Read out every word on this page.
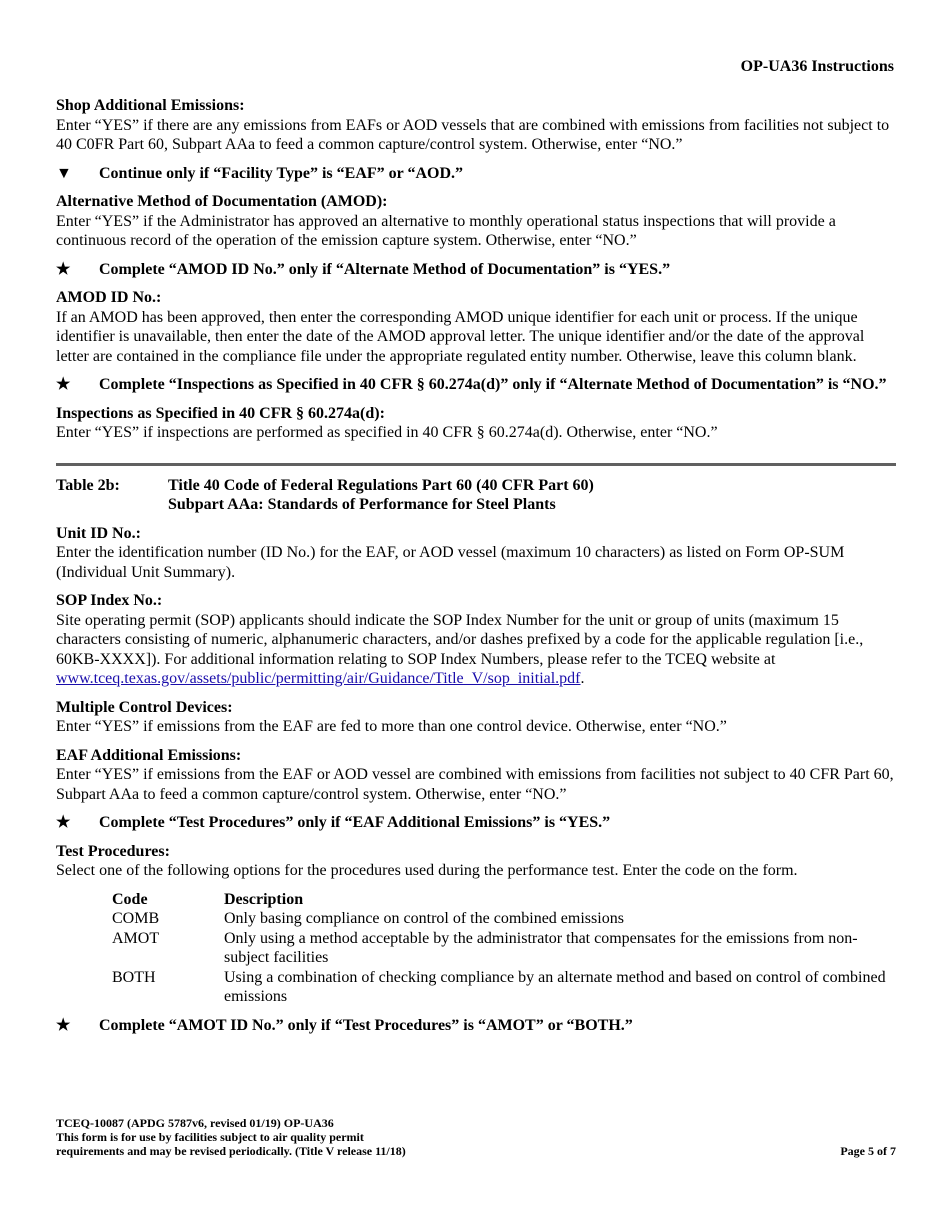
OP-UA36 Instructions
Shop Additional Emissions:
Enter “YES” if there are any emissions from EAFs or AOD vessels that are combined with emissions from facilities not subject to 40 C0FR Part 60, Subpart AAa to feed a common capture/control system. Otherwise, enter “NO.”
▼	Continue only if “Facility Type” is “EAF” or “AOD.”
Alternative Method of Documentation (AMOD):
Enter “YES” if the Administrator has approved an alternative to monthly operational status inspections that will provide a continuous record of the operation of the emission capture system. Otherwise, enter “NO.”
★	Complete “AMOD ID No.” only if “Alternate Method of Documentation” is “YES.”
AMOD ID No.:
If an AMOD has been approved, then enter the corresponding AMOD unique identifier for each unit or process. If the unique identifier is unavailable, then enter the date of the AMOD approval letter. The unique identifier and/or the date of the approval letter are contained in the compliance file under the appropriate regulated entity number. Otherwise, leave this column blank.
★	Complete “Inspections as Specified in 40 CFR § 60.274a(d)” only if “Alternate Method of Documentation” is “NO.”
Inspections as Specified in 40 CFR § 60.274a(d):
Enter “YES” if inspections are performed as specified in 40 CFR § 60.274a(d). Otherwise, enter “NO.”
Table 2b:	Title 40 Code of Federal Regulations Part 60 (40 CFR Part 60)
Subpart AAa: Standards of Performance for Steel Plants
Unit ID No.:
Enter the identification number (ID No.) for the EAF, or AOD vessel (maximum 10 characters) as listed on Form OP-SUM (Individual Unit Summary).
SOP Index No.:
Site operating permit (SOP) applicants should indicate the SOP Index Number for the unit or group of units (maximum 15 characters consisting of numeric, alphanumeric characters, and/or dashes prefixed by a code for the applicable regulation [i.e., 60KB-XXXX]). For additional information relating to SOP Index Numbers, please refer to the TCEQ website at www.tceq.texas.gov/assets/public/permitting/air/Guidance/Title_V/sop_initial.pdf.
Multiple Control Devices:
Enter “YES” if emissions from the EAF are fed to more than one control device. Otherwise, enter “NO.”
EAF Additional Emissions:
Enter “YES” if emissions from the EAF or AOD vessel are combined with emissions from facilities not subject to 40 CFR Part 60, Subpart AAa to feed a common capture/control system. Otherwise, enter “NO.”
★	Complete “Test Procedures” only if “EAF Additional Emissions” is “YES.”
Test Procedures:
Select one of the following options for the procedures used during the performance test. Enter the code on the form.
Code	Description
COMB	Only basing compliance on control of the combined emissions
AMOT	Only using a method acceptable by the administrator that compensates for the emissions from non-subject facilities
BOTH	Using a combination of checking compliance by an alternate method and based on control of combined emissions
★	Complete “AMOT ID No.” only if “Test Procedures” is “AMOT” or “BOTH.”
TCEQ-10087 (APDG 5787v6, revised 01/19) OP-UA36
This form is for use by facilities subject to air quality permit
requirements and may be revised periodically. (Title V release 11/18)	Page 5 of 7
